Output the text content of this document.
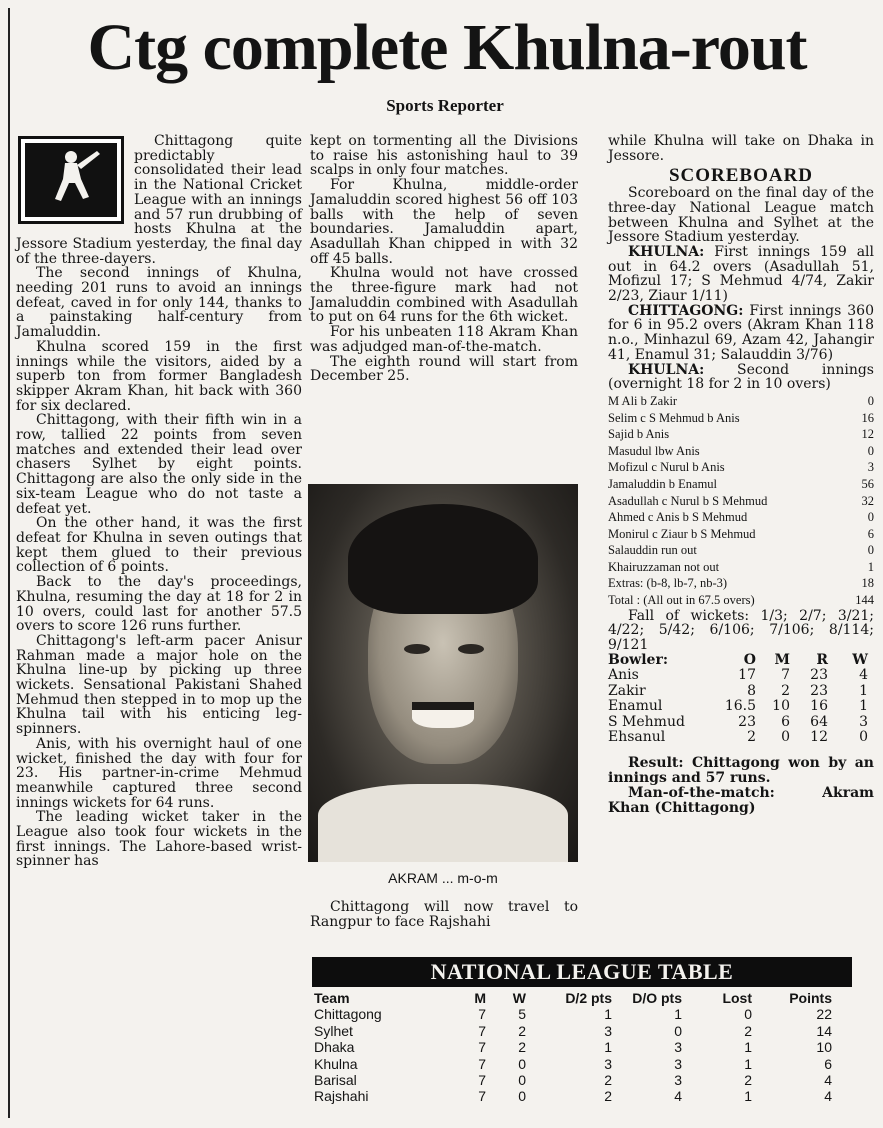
Ctg complete Khulna-rout
Sports Reporter

Chittagong quite predictably consolidated their lead in the National Cricket League with an innings and 57 run drubbing of hosts Khulna at the Jessore Stadium yesterday, the final day of the three-dayers.

The second innings of Khulna, needing 201 runs to avoid an innings defeat, caved in for only 144, thanks to a painstaking half-century from Jamaluddin.

Khulna scored 159 in the first innings while the visitors, aided by a superb ton from former Bangladesh skipper Akram Khan, hit back with 360 for six declared.

Chittagong, with their fifth win in a row, tallied 22 points from seven matches and extended their lead over chasers Sylhet by eight points. Chittagong are also the only side in the six-team League who do not taste a defeat yet.

On the other hand, it was the first defeat for Khulna in seven outings that kept them glued to their previous collection of 6 points.

Back to the day's proceedings, Khulna, resuming the day at 18 for 2 in 10 overs, could last for another 57.5 overs to score 126 runs further.

Chittagong's left-arm pacer Anisur Rahman made a major hole on the Khulna line-up by picking up three wickets. Sensational Pakistani Shahed Mehmud then stepped in to mop up the Khulna tail with his enticing leg-spinners.

Anis, with his overnight haul of one wicket, finished the day with four for 23. His partner-in-crime Mehmud meanwhile captured three second innings wickets for 64 runs.

The leading wicket taker in the League also took four wickets in the first innings. The Lahore-based wrist-spinner has

kept on tormenting all the Divisions to raise his astonishing haul to 39 scalps in only four matches.

For Khulna, middle-order Jamaluddin scored highest 56 off 103 balls with the help of seven boundaries. Jamaluddin apart, Asadullah Khan chipped in with 32 off 45 balls.

Khulna would not have crossed the three-figure mark had not Jamaluddin combined with Asadullah to put on 64 runs for the 6th wicket.

For his unbeaten 118 Akram Khan was adjudged man-of-the-match.

The eighth round will start from December 25.

AKRAM ... m-o-m

Chittagong will now travel to Rangpur to face Rajshahi

while Khulna will take on Dhaka in Jessore.

SCOREBOARD

Scoreboard on the final day of the three-day National League match between Khulna and Sylhet at the Jessore Stadium yesterday.

KHULNA: First innings 159 all out in 64.2 overs (Asadullah 51, Mofizul 17; S Mehmud 4/74, Zakir 2/23, Ziaur 1/11)

CHITTAGONG: First innings 360 for 6 in 95.2 overs (Akram Khan 118 n.o., Minhazul 69, Azam 42, Jahangir 41, Enamul 31; Salauddin 3/76)

KHULNA: Second innings (overnight 18 for 2 in 10 overs)

M Ali b Zakir	0
Selim c S Mehmud b Anis	16
Sajid b Anis	12
Masudul lbw Anis	0
Mofizul c Nurul b Anis	3
Jamaluddin b Enamul	56
Asadullah c Nurul b S Mehmud	32
Ahmed c Anis b S Mehmud	0
Monirul c Ziaur b S Mehmud	6
Salauddin run out	0
Khairuzzaman not out	1
Extras: (b-8, lb-7, nb-3)	18
Total : (All out in 67.5 overs)	144

Fall of wickets: 1/3; 2/7; 3/21; 4/22; 5/42; 6/106; 7/106; 8/114; 9/121

Bowler:	O	M	R	W
Anis	17	7	23	4
Zakir	8	2	23	1
Enamul	16.5	10	16	1
S Mehmud	23	6	64	3
Ehsanul	2	0	12	0

Result: Chittagong won by an innings and 57 runs.

Man-of-the-match: Akram Khan (Chittagong)

NATIONAL LEAGUE TABLE
Team	M	W	D/2 pts	D/O pts	Lost	Points
Chittagong	7	5	1	1	0	22
Sylhet	7	2	3	0	2	14
Dhaka	7	2	1	3	1	10
Khulna	7	0	3	3	1	6
Barisal	7	0	2	3	2	4
Rajshahi	7	0	2	4	1	4
